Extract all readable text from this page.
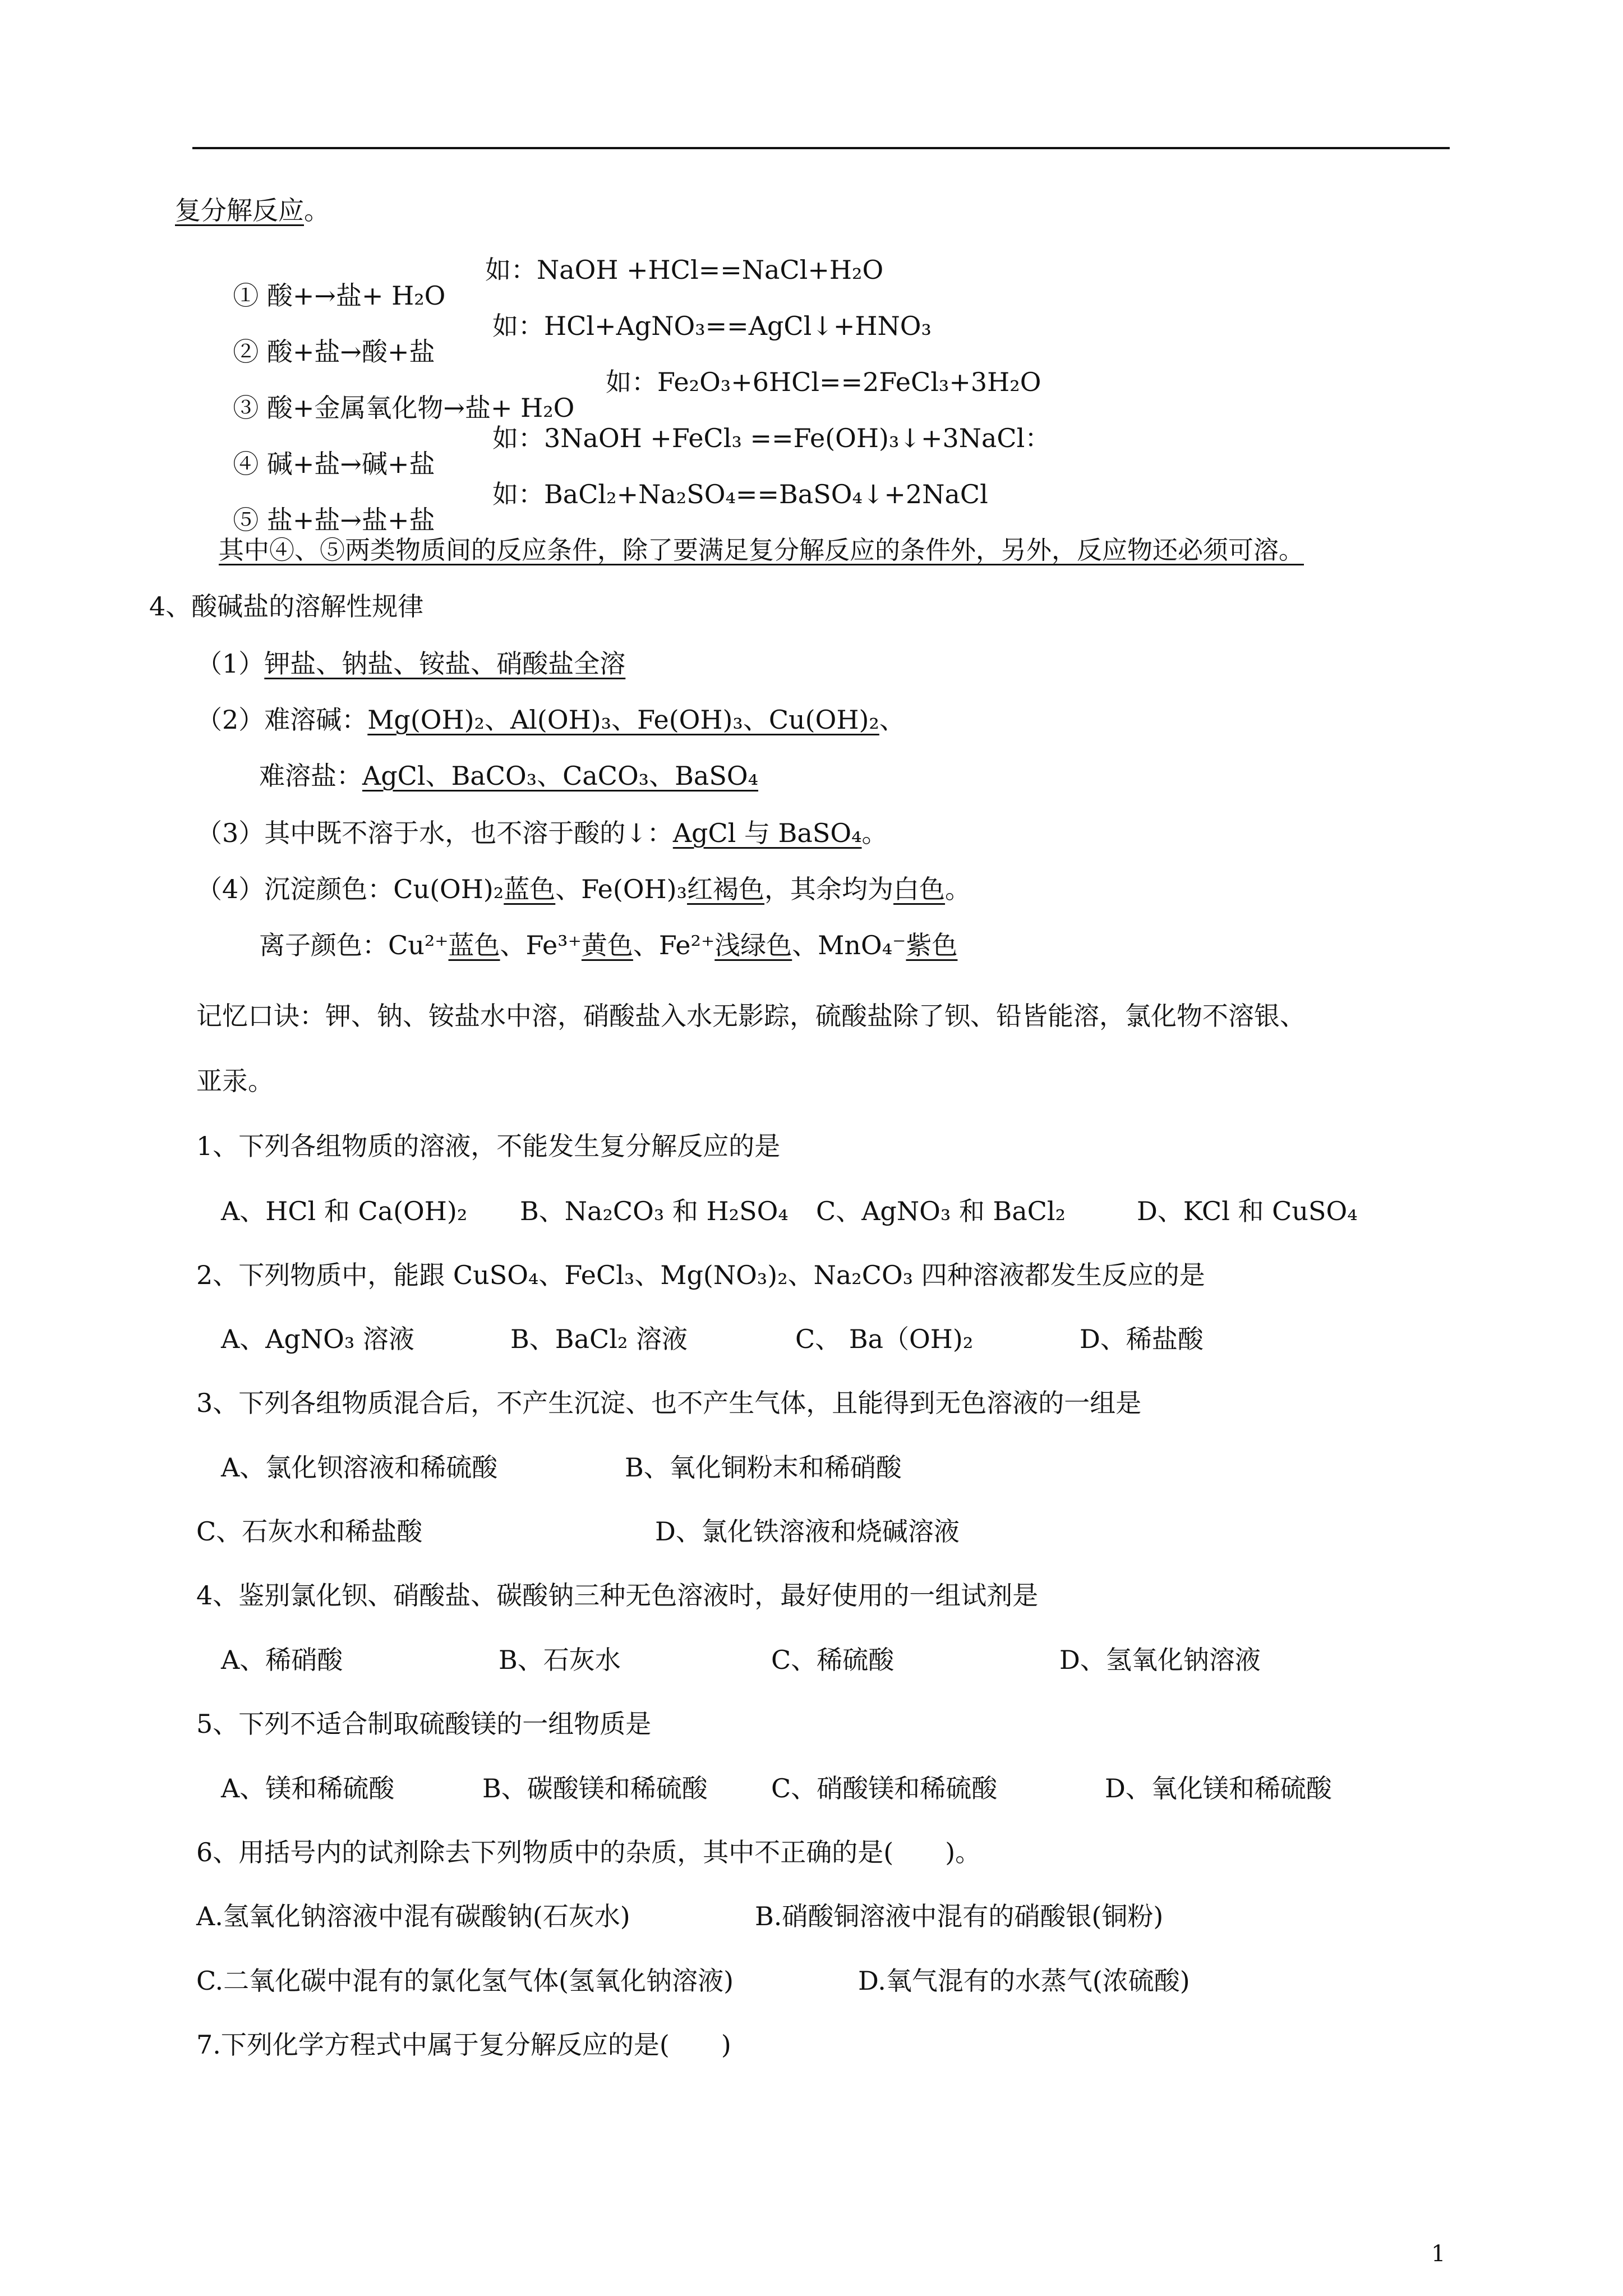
复分解反应。

① 酸+→盐+ H₂O

如：NaOH +HCl==NaCl+H₂O

② 酸+盐→酸+盐

如：HCl+AgNO₃==AgCl↓+HNO₃

③ 酸+金属氧化物→盐+ H₂O

如：Fe₂O₃+6HCl==2FeCl₃+3H₂O

④ 碱+盐→碱+盐

如：3NaOH +FeCl₃ ==Fe(OH)₃↓+3NaCl：

⑤ 盐+盐→盐+盐

如：BaCl₂+Na₂SO₄==BaSO₄↓+2NaCl
其中④、⑤两类物质间的反应条件，除了要满足复分解反应的条件外，另外，反应物还必须可溶。
4、酸碱盐的溶解性规律
（1）钾盐、钠盐、铵盐、硝酸盐全溶
（2）难溶碱：Mg(OH)₂、Al(OH)₃、Fe(OH)₃、Cu(OH)₂、
难溶盐：AgCl、BaCO₃、CaCO₃、BaSO₄
（3）其中既不溶于水，也不溶于酸的↓：AgCl 与 BaSO₄。
（4）沉淀颜色：Cu(OH)₂蓝色、Fe(OH)₃红褐色，其余均为白色。
离子颜色：Cu²⁺蓝色、Fe³⁺黄色、Fe²⁺浅绿色、MnO₄⁻紫色
记忆口诀：钾、钠、铵盐水中溶，硝酸盐入水无影踪，硫酸盐除了钡、铅皆能溶，氯化物不溶银、
亚汞。
1、下列各组物质的溶液，不能发生复分解反应的是
A、HCl 和 Ca(OH)₂ B、Na₂CO₃ 和 H₂SO₄ C、AgNO₃ 和 BaCl₂	D、KCl 和 CuSO₄
2、下列物质中，能跟 CuSO₄、FeCl₃、Mg(NO₃)₂、Na₂CO₃ 四种溶液都发生反应的是
A、AgNO₃ 溶液	B、BaCl₂ 溶液	C、 Ba（OH)₂	D、稀盐酸
3、下列各组物质混合后，不产生沉淀、也不产生气体，且能得到无色溶液的一组是
A、氯化钡溶液和稀硫酸	B、氧化铜粉末和稀硝酸
C、石灰水和稀盐酸	D、氯化铁溶液和烧碱溶液
4、鉴别氯化钡、硝酸盐、碳酸钠三种无色溶液时，最好使用的一组试剂是
A、稀硝酸	B、石灰水	C、稀硫酸	D、氢氧化钠溶液
5、下列不适合制取硫酸镁的一组物质是
A、镁和稀硫酸	B、碳酸镁和稀硫酸 C、硝酸镁和稀硫酸	D、氧化镁和稀硫酸
6、用括号内的试剂除去下列物质中的杂质，其中不正确的是(　　)。
A.氢氧化钠溶液中混有碳酸钠(石灰水)	B.硝酸铜溶液中混有的硝酸银(铜粉)
C.二氧化碳中混有的氯化氢气体(氢氧化钠溶液)	D.氧气混有的水蒸气(浓硫酸)
7.下列化学方程式中属于复分解反应的是(　　)
1
